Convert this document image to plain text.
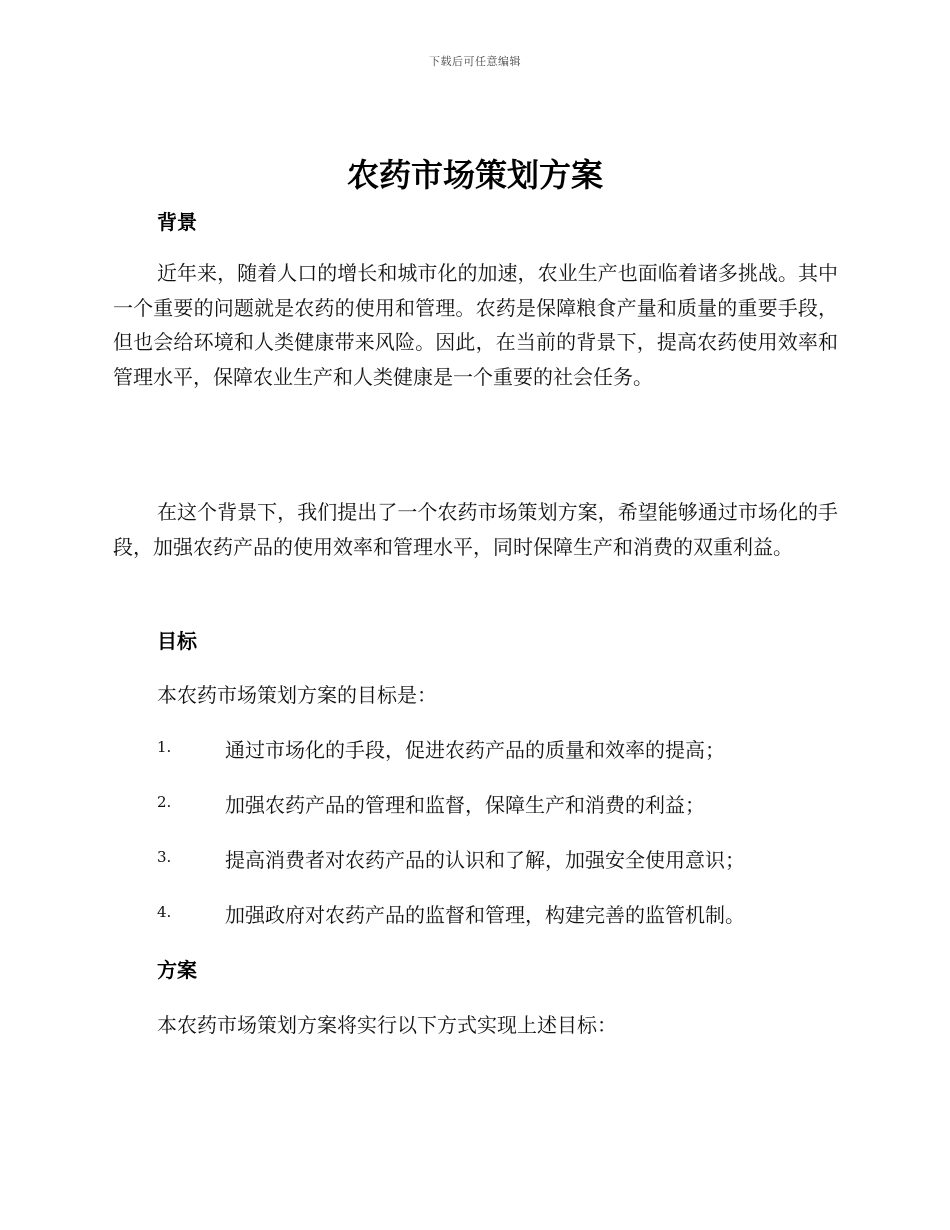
下载后可任意编辑
农药市场策划方案
背景

近年来，随着人口的增长和城市化的加速，农业生产也面临着诸多挑战。其中一个重要的问题就是农药的使用和管理。农药是保障粮食产量和质量的重要手段，但也会给环境和人类健康带来风险。因此，在当前的背景下，提高农药使用效率和管理水平，保障农业生产和人类健康是一个重要的社会任务。

在这个背景下，我们提出了一个农药市场策划方案，希望能够通过市场化的手段，加强农药产品的使用效率和管理水平，同时保障生产和消费的双重利益。

目标

本农药市场策划方案的目标是：

1.	通过市场化的手段，促进农药产品的质量和效率的提高；
2.	加强农药产品的管理和监督，保障生产和消费的利益；
3.	提高消费者对农药产品的认识和了解，加强安全使用意识；
4.	加强政府对农药产品的监督和管理，构建完善的监管机制。
方案

本农药市场策划方案将实行以下方式实现上述目标：
